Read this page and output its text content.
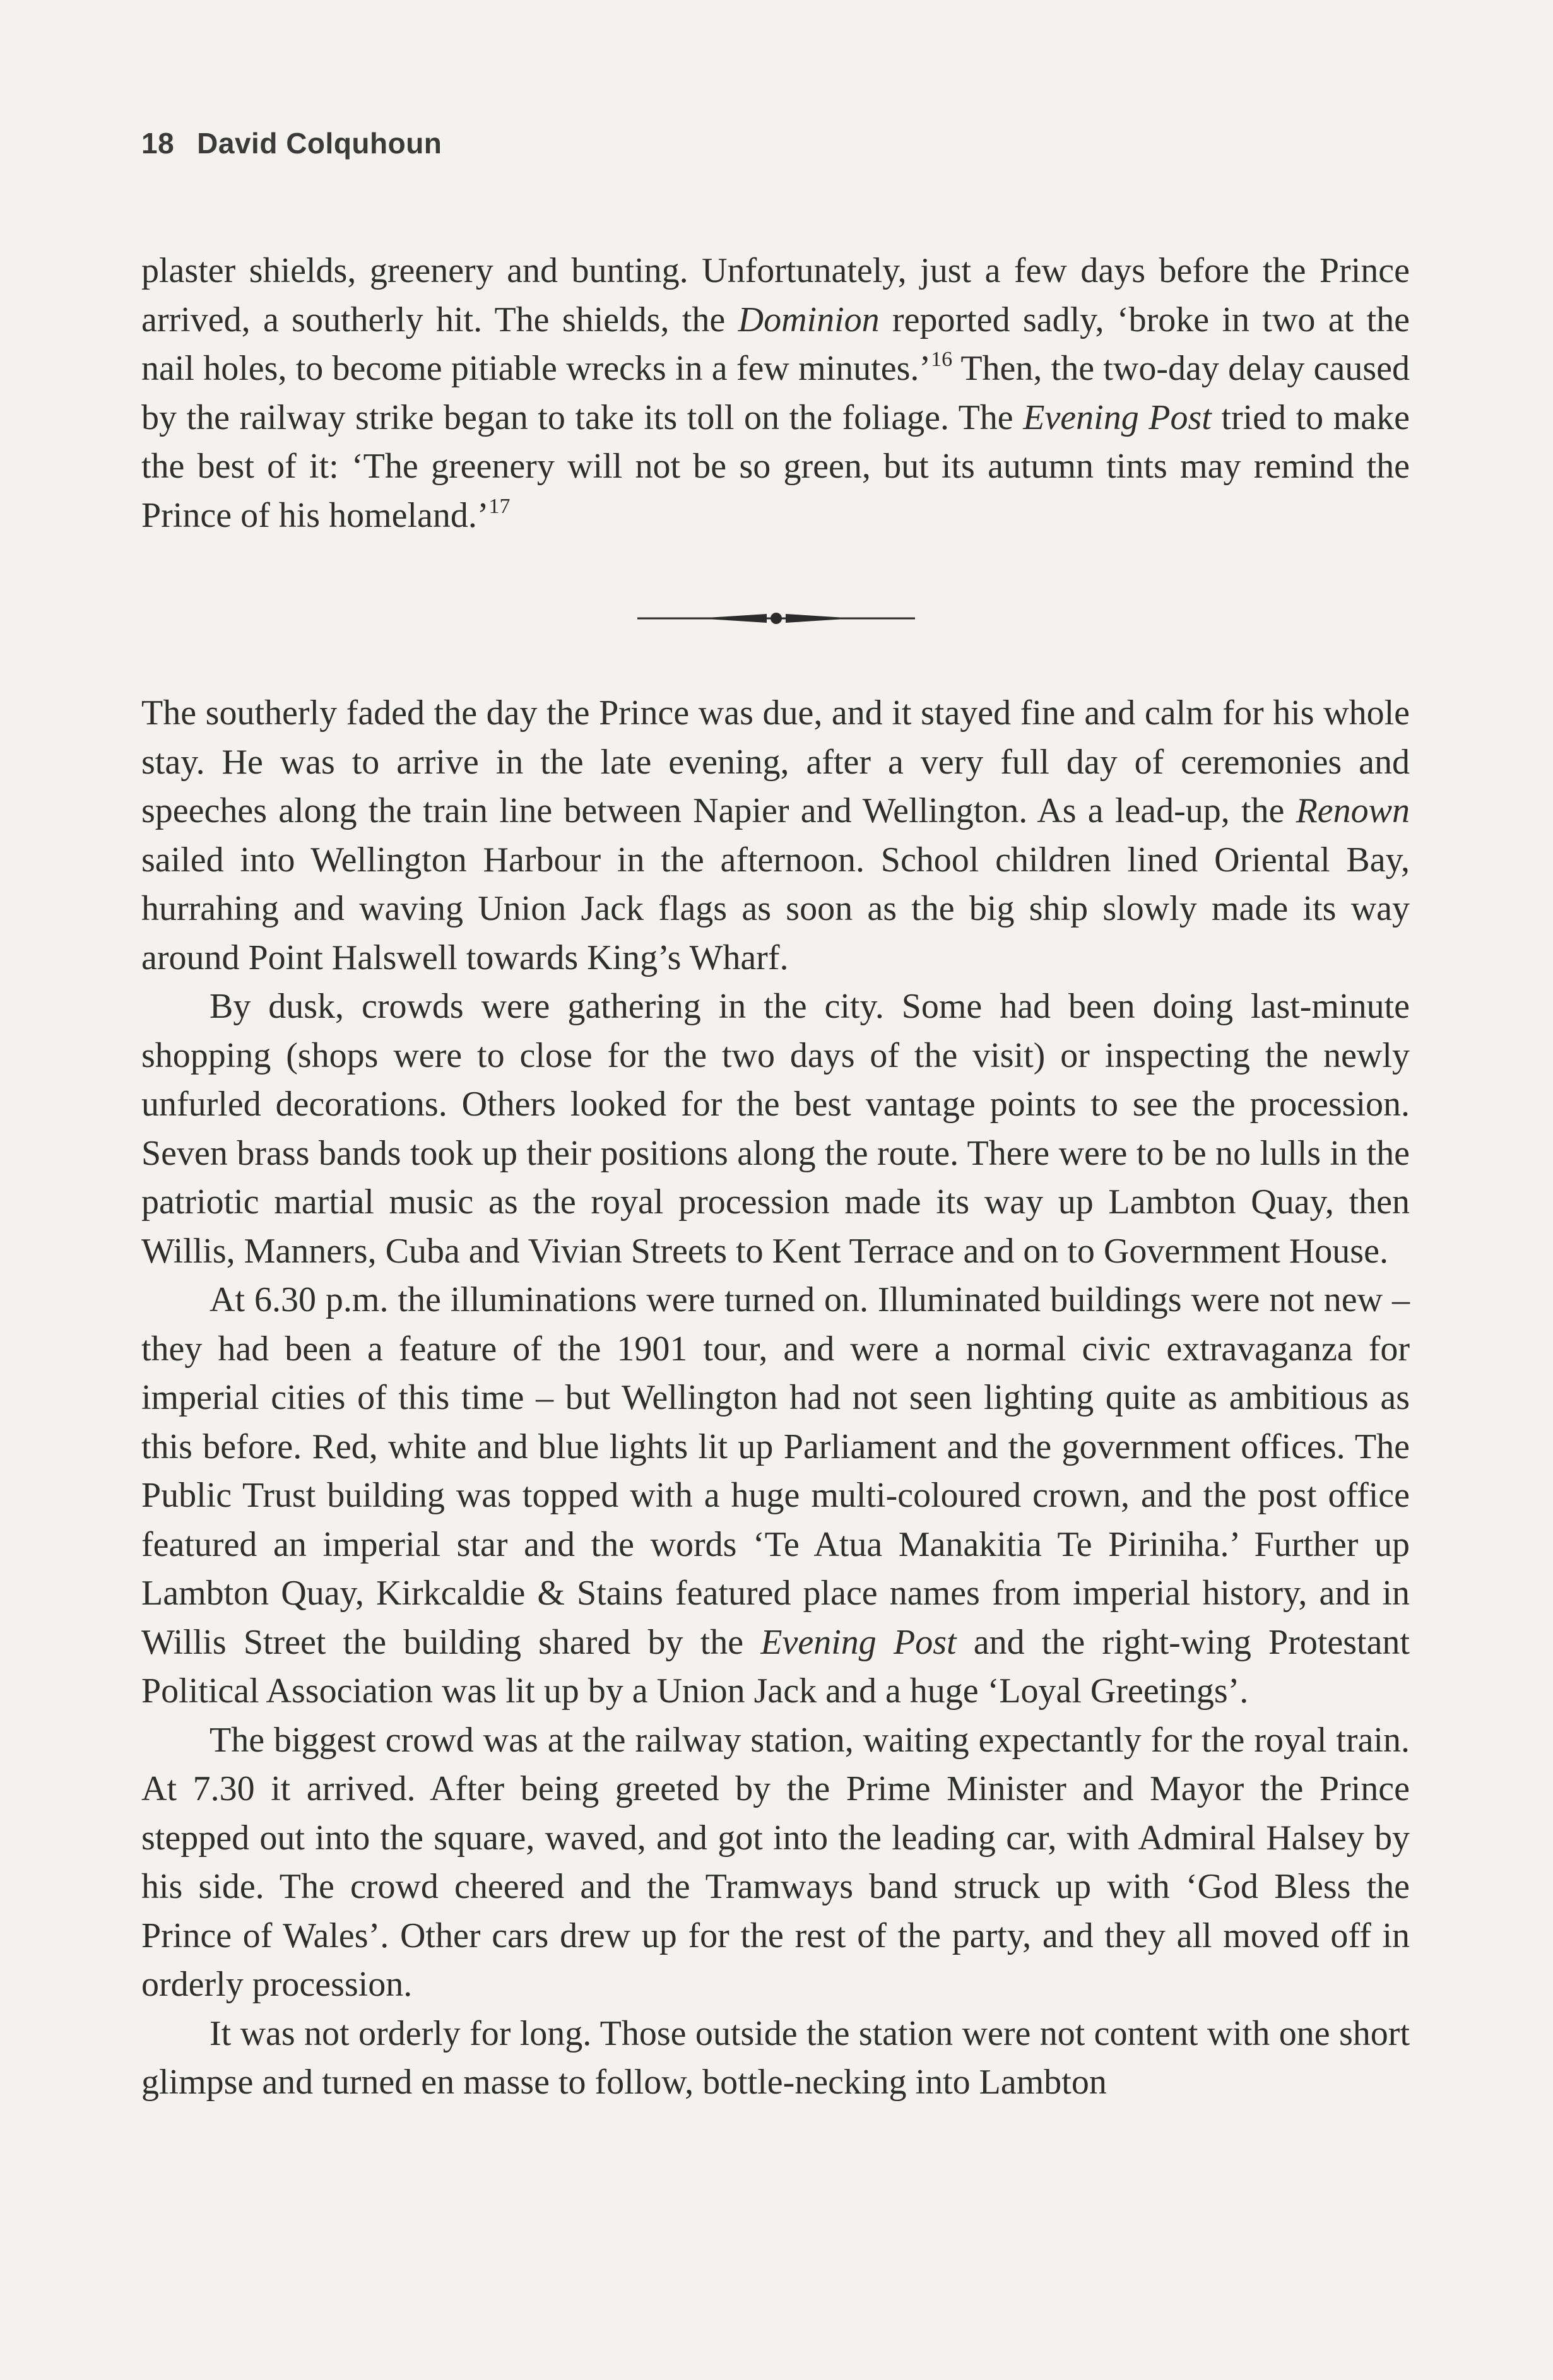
18 David Colquhoun

plaster shields, greenery and bunting. Unfortunately, just a few days before the Prince arrived, a southerly hit. The shields, the Dominion reported sadly, ‘broke in two at the nail holes, to become pitiable wrecks in a few minutes.’$^{16}$ Then, the two-day delay caused by the railway strike began to take its toll on the foliage. The Evening Post tried to make the best of it: ‘The greenery will not be so green, but its autumn tints may remind the Prince of his homeland.’$^{17}$

The southerly faded the day the Prince was due, and it stayed fine and calm for his whole stay. He was to arrive in the late evening, after a very full day of ceremonies and speeches along the train line between Napier and Wellington. As a lead-up, the Renown sailed into Wellington Harbour in the afternoon. School children lined Oriental Bay, hurrahing and waving Union Jack flags as soon as the big ship slowly made its way around Point Halswell towards King’s Wharf.

By dusk, crowds were gathering in the city. Some had been doing last-minute shopping (shops were to close for the two days of the visit) or inspecting the newly unfurled decorations. Others looked for the best vantage points to see the procession. Seven brass bands took up their positions along the route. There were to be no lulls in the patriotic martial music as the royal procession made its way up Lambton Quay, then Willis, Manners, Cuba and Vivian Streets to Kent Terrace and on to Government House.

At 6.30 p.m. the illuminations were turned on. Illuminated buildings were not new – they had been a feature of the 1901 tour, and were a normal civic extravaganza for imperial cities of this time – but Wellington had not seen lighting quite as ambitious as this before. Red, white and blue lights lit up Parliament and the government offices. The Public Trust building was topped with a huge multi-coloured crown, and the post office featured an imperial star and the words ‘Te Atua Manakitia Te Piriniha.’ Further up Lambton Quay, Kirkcaldie & Stains featured place names from imperial history, and in Willis Street the building shared by the Evening Post and the right-wing Protestant Political Association was lit up by a Union Jack and a huge ‘Loyal Greetings’.

The biggest crowd was at the railway station, waiting expectantly for the royal train. At 7.30 it arrived. After being greeted by the Prime Minister and Mayor the Prince stepped out into the square, waved, and got into the leading car, with Admiral Halsey by his side. The crowd cheered and the Tramways band struck up with ‘God Bless the Prince of Wales’. Other cars drew up for the rest of the party, and they all moved off in orderly procession.

It was not orderly for long. Those outside the station were not content with one short glimpse and turned en masse to follow, bottle-necking into Lambton
